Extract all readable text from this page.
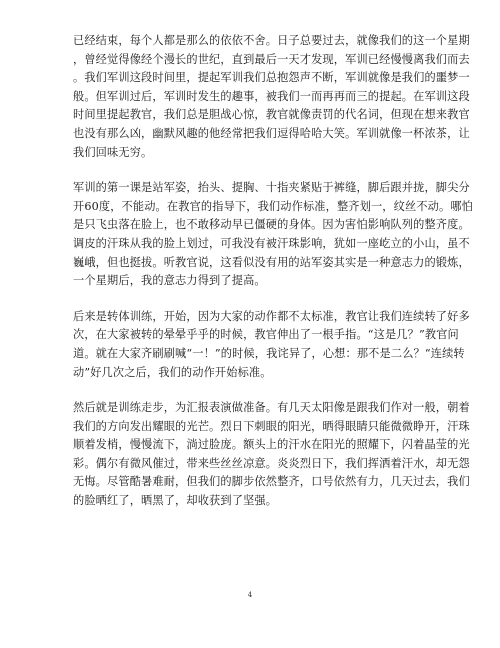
已经结束，每个人都是那么的依依不舍。日子总要过去，就像我们的这一个星期
，曾经觉得像经个漫长的世纪，直到最后一天才发现，军训已经慢慢离我们而去
。我们军训这段时间里，提起军训我们总抱怨声不断，军训就像是我们的噩梦一
般。但军训过后，军训时发生的趣事，被我们一而再再而三的提起。在军训这段
时间里提起教官，我们总是胆战心惊，教官就像责罚的代名词，但现在想来教官
也没有那么凶，幽默风趣的他经常把我们逗得哈哈大笑。军训就像一杯浓茶，让
我们回味无穷。

军训的第一课是站军姿，抬头、提胸、十指夹紧贴于裤缝，脚后跟并拢，脚尖分
开60度，不能动。在教官的指导下，我们动作标准，整齐划一，纹丝不动。哪怕
是只飞虫落在脸上，也不敢移动早已僵硬的身体。因为害怕影响队列的整齐度。
调皮的汗珠从我的脸上划过，可我没有被汗珠影响，犹如一座屹立的小山，虽不
巍峨，但也挺拔。听教官说，这看似没有用的站军姿其实是一种意志力的锻炼，
一个星期后，我的意志力得到了提高。

后来是转体训练，开始，因为大家的动作都不太标准，教官让我们连续转了好多
次，在大家被转的晕晕乎乎的时候，教官伸出了一根手指。“这是几？”教官问
道。就在大家齐刷刷喊“一！”的时候，我诧异了，心想：那不是二么？“连续转
动”好几次之后，我们的动作开始标准。

然后就是训练走步，为汇报表演做准备。有几天太阳像是跟我们作对一般，朝着
我们的方向发出耀眼的光芒。烈日下刺眼的阳光，晒得眼睛只能微微睁开，汗珠
顺着发梢，慢慢流下，淌过脸庞。额头上的汗水在阳光的照耀下，闪着晶莹的光
彩。偶尔有微风催过，带来些丝丝凉意。炎炎烈日下，我们挥洒着汗水，却无怨
无悔。尽管酷暑难耐，但我们的脚步依然整齐，口号依然有力，几天过去，我们
的脸晒红了，晒黑了，却收获到了坚强。

4
